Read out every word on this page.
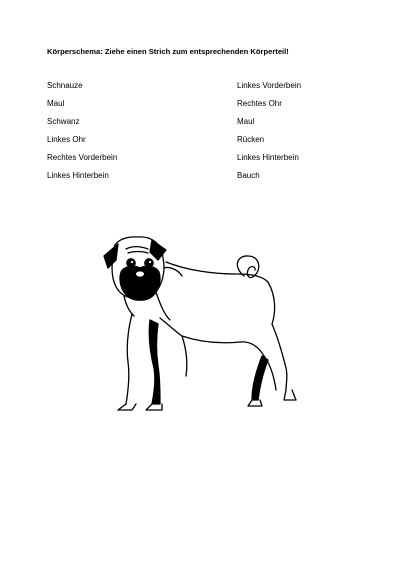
Körperschema: Ziehe einen Strich zum entsprechenden Körperteil!
Schnauze
Maul
Schwanz
Linkes Ohr
Rechtes Vorderbein
Linkes Hinterbein
Linkes Vorderbein
Rechtes Ohr
Maul
Rücken
Linkes Hinterbein
Bauch
